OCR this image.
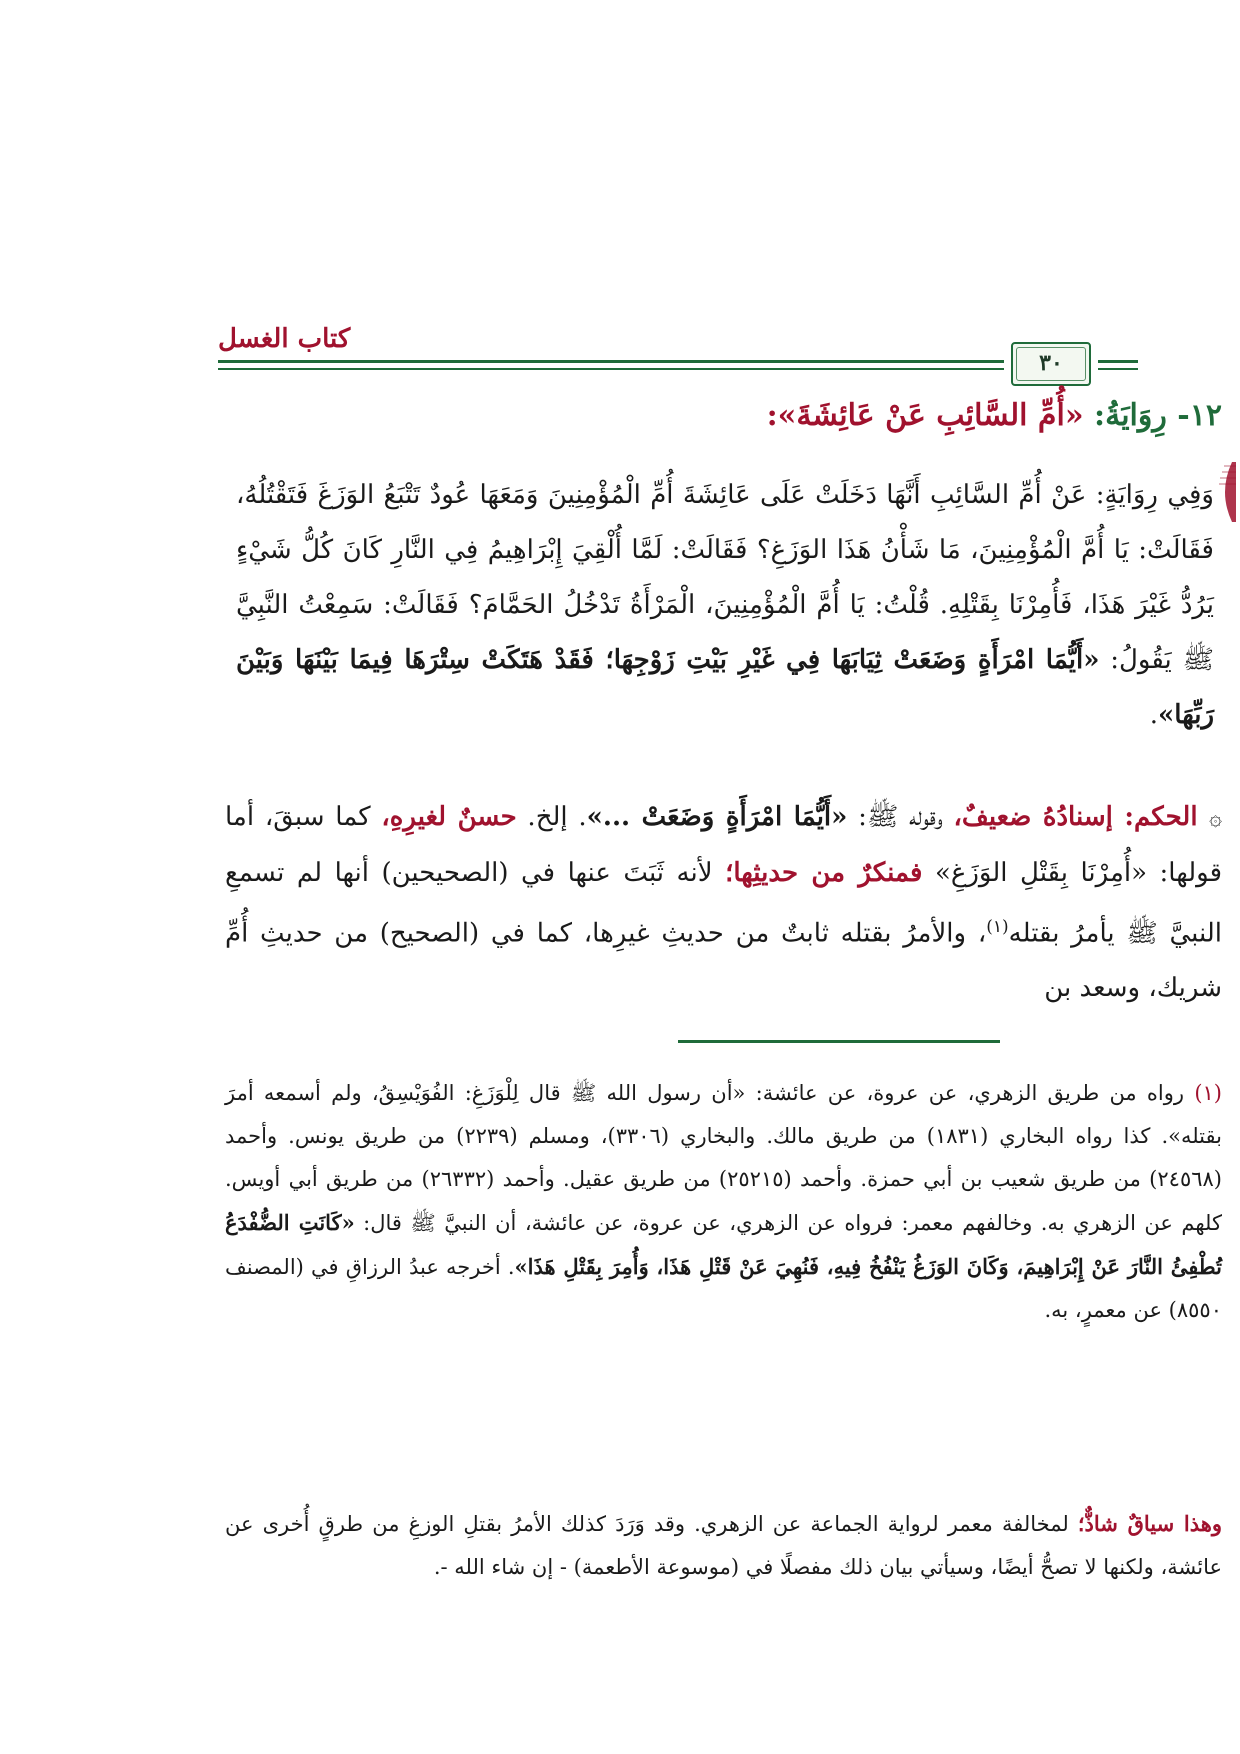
كتاب الغسل
٣٠
١٢- رِوَايَةُ: «أُمِّ السَّائِبِ عَنْ عَائِشَةَ»:
وَفِي رِوَايَةٍ: عَنْ أُمِّ السَّائِبِ أَنَّهَا دَخَلَتْ عَلَى عَائِشَةَ أُمِّ الْمُؤْمِنِينَ وَمَعَهَا عُودٌ تَتْبَعُ الوَزَغَ فَتَقْتُلُهُ، فَقَالَتْ: يَا أُمَّ الْمُؤْمِنِينَ، مَا شَأْنُ هَذَا الوَزَغِ؟ فَقَالَتْ: لَمَّا أُلْقِيَ إِبْرَاهِيمُ فِي النَّارِ كَانَ كُلُّ شَيْءٍ يَرُدُّ غَيْرَ هَذَا، فَأُمِرْنَا بِقَتْلِهِ. قُلْتُ: يَا أُمَّ الْمُؤْمِنِينَ، الْمَرْأَةُ تَدْخُلُ الحَمَّامَ؟ فَقَالَتْ: سَمِعْتُ النَّبِيَّ ﷺ يَقُولُ: «أَيُّمَا امْرَأَةٍ وَضَعَتْ ثِيَابَهَا فِي غَيْرِ بَيْتِ زَوْجِهَا؛ فَقَدْ هَتَكَتْ سِتْرَهَا فِيمَا بَيْنَهَا وَبَيْنَ رَبِّهَا».
۞ الحكم: إسنادُهُ ضعيفٌ، وقوله ﷺ: «أَيُّمَا امْرَأَةٍ وَضَعَتْ ...». إلخ. حسنٌ لغيرِهِ، كما سبقَ، أما قولها: «أُمِرْنَا بِقَتْلِ الوَزَغِ» فمنكرٌ من حديثِها؛ لأنه ثَبَتَ عنها في (الصحيحين) أنها لم تسمعِ النبيَّ ﷺ يأمرُ بقتله$^{(١)}$، والأمرُ بقتله ثابتٌ من حديثِ غيرِها، كما في (الصحيح) من حديثِ أُمِّ شريك، وسعد بن
(١) رواه من طريق الزهري، عن عروة، عن عائشة: «أن رسول الله ﷺ قال لِلْوَزَغِ: الفُوَيْسِقُ، ولم أسمعه أمرَ بقتله». كذا رواه البخاري (١٨٣١) من طريق مالك. والبخاري (٣٣٠٦)، ومسلم (٢٢٣٩) من طريق يونس. وأحمد (٢٤٥٦٨) من طريق شعيب بن أبي حمزة. وأحمد (٢٥٢١٥) من طريق عقيل. وأحمد (٢٦٣٣٢) من طريق أبي أويس. كلهم عن الزهري به. وخالفهم معمر: فرواه عن الزهري، عن عروة، عن عائشة، أن النبيَّ ﷺ قال: «كَانَتِ الضُّفْدَعُ تُطْفِئُ النَّارَ عَنْ إِبْرَاهِيمَ، وَكَانَ الوَزَغُ يَنْفُخُ فِيهِ، فَنُهِيَ عَنْ قَتْلِ هَذَا، وَأُمِرَ بِقَتْلِ هَذَا». أخرجه عبدُ الرزاقِ في (المصنف ٨٥٥٠) عن معمرٍ، به.
وهذا سياقٌ شاذٌّ؛ لمخالفة معمر لرواية الجماعة عن الزهري. وقد وَرَدَ كذلك الأمرُ بقتلِ الوزغِ من طرقٍ أُخرى عن عائشة، ولكنها لا تصحُّ أيضًا، وسيأتي بيان ذلك مفصلًا في (موسوعة الأطعمة) - إن شاء الله -.
